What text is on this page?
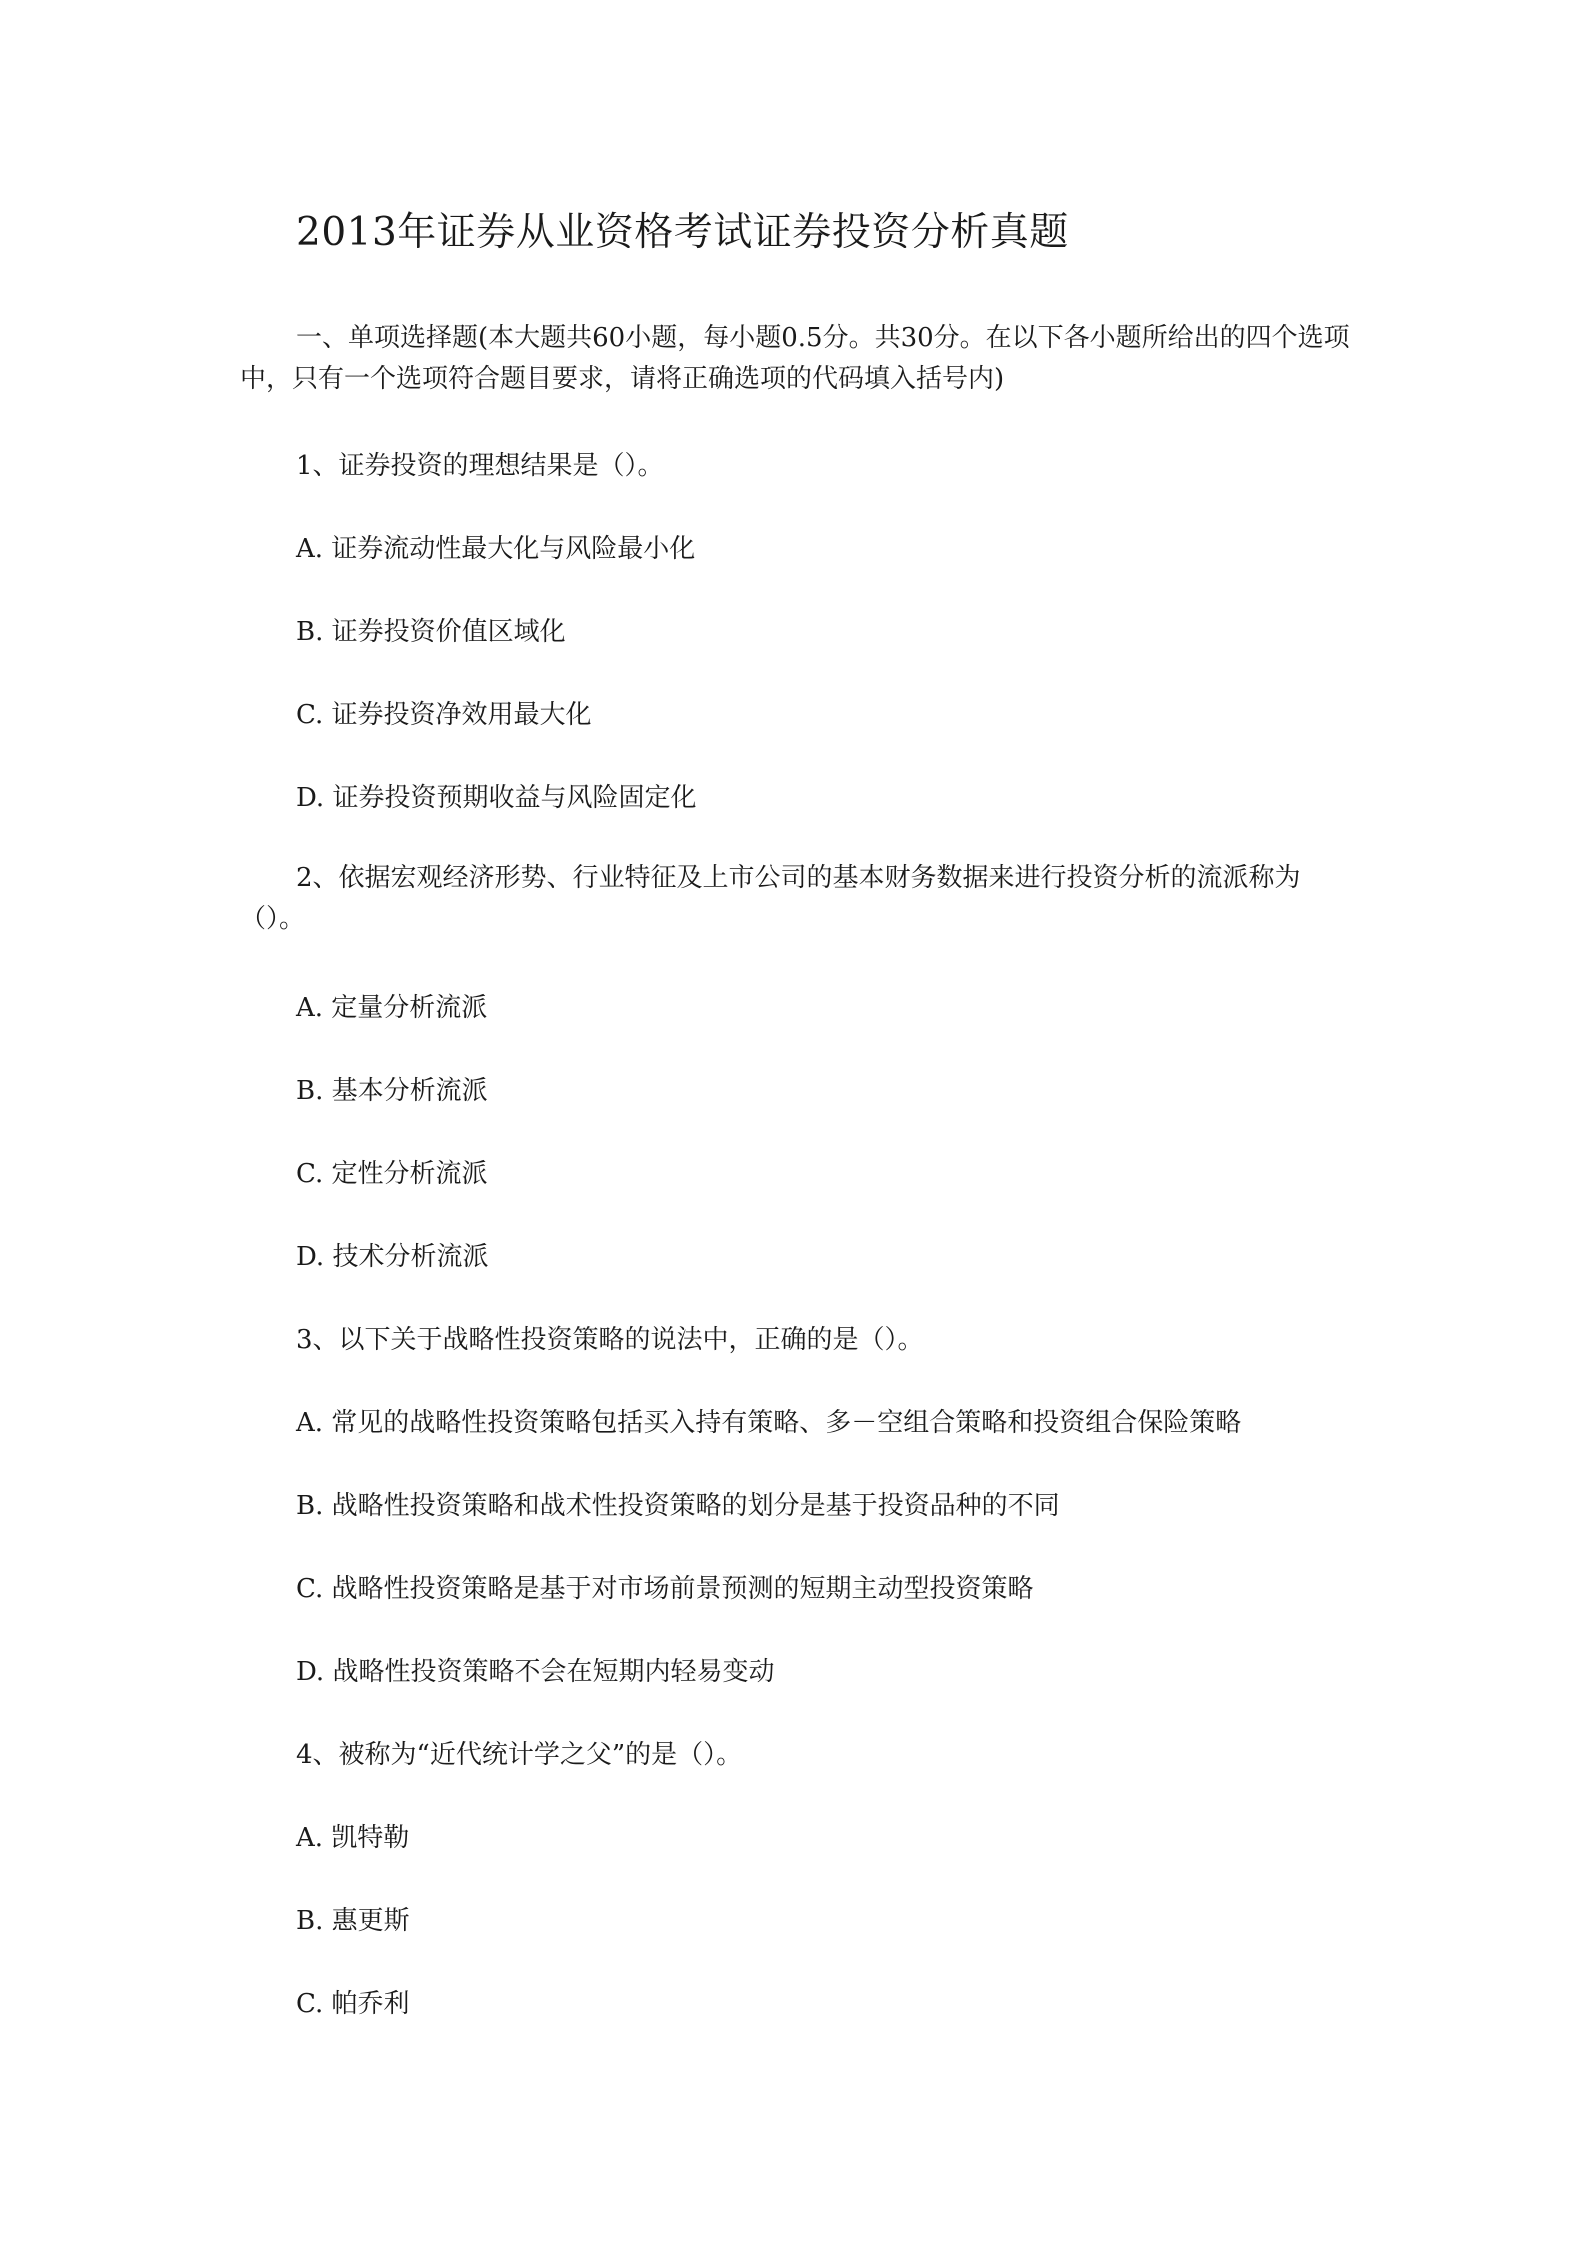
2013年证券从业资格考试证券投资分析真题

一、单项选择题(本大题共60小题，每小题0.5分。共30分。在以下各小题所给出的四个选项中，只有一个选项符合题目要求，请将正确选项的代码填入括号内)

1、证券投资的理想结果是（）。

A. 证券流动性最大化与风险最小化

B. 证券投资价值区域化

C. 证券投资净效用最大化

D. 证券投资预期收益与风险固定化

2、依据宏观经济形势、行业特征及上市公司的基本财务数据来进行投资分析的流派称为（）。

A. 定量分析流派

B. 基本分析流派

C. 定性分析流派

D. 技术分析流派

3、以下关于战略性投资策略的说法中，正确的是（）。

A. 常见的战略性投资策略包括买入持有策略、多－空组合策略和投资组合保险策略

B. 战略性投资策略和战术性投资策略的划分是基于投资品种的不同

C. 战略性投资策略是基于对市场前景预测的短期主动型投资策略

D. 战略性投资策略不会在短期内轻易变动

4、被称为“近代统计学之父”的是（）。

A. 凯特勒

B. 惠更斯

C. 帕乔利
